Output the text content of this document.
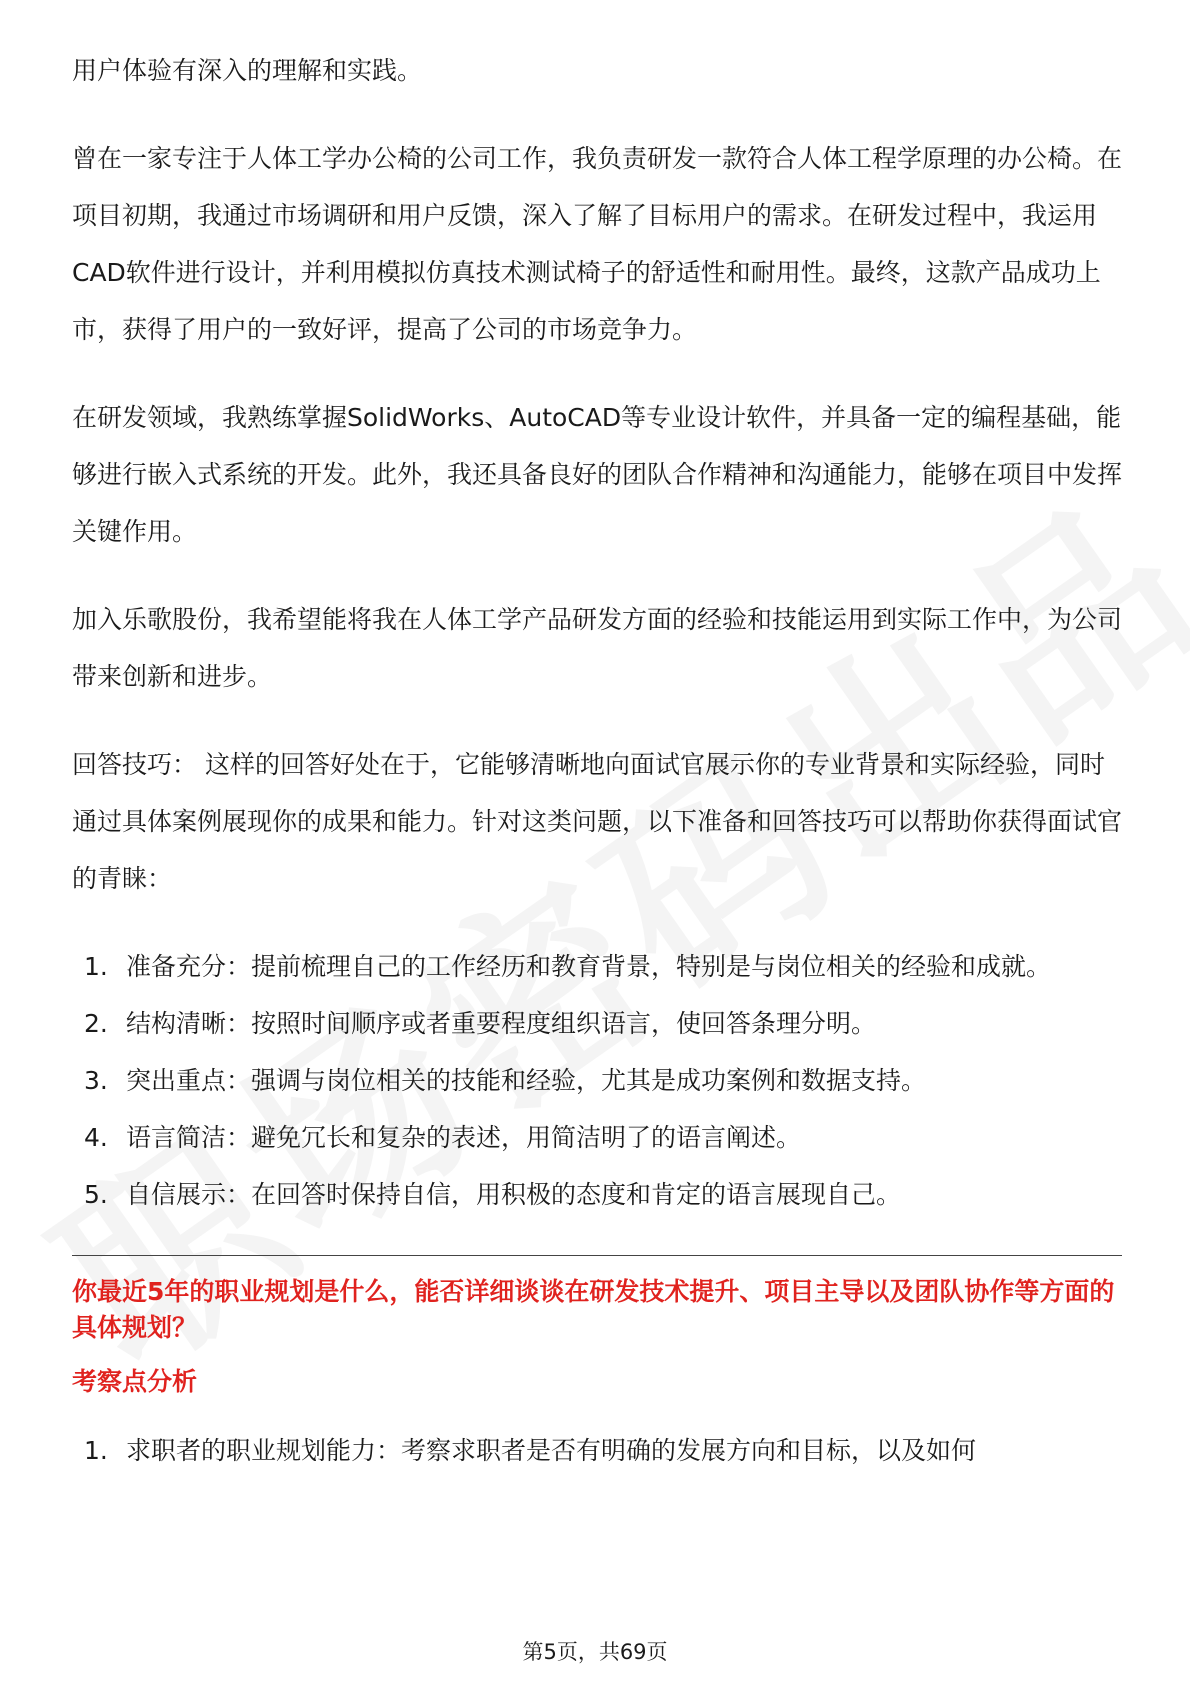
用户体验有深入的理解和实践。

曾在一家专注于人体工学办公椅的公司工作，我负责研发一款符合人体工程学原理的办公椅。在项目初期，我通过市场调研和用户反馈，深入了解了目标用户的需求。在研发过程中，我运用CAD软件进行设计，并利用模拟仿真技术测试椅子的舒适性和耐用性。最终，这款产品成功上市，获得了用户的一致好评，提高了公司的市场竞争力。

在研发领域，我熟练掌握SolidWorks、AutoCAD等专业设计软件，并具备一定的编程基础，能够进行嵌入式系统的开发。此外，我还具备良好的团队合作精神和沟通能力，能够在项目中发挥关键作用。

加入乐歌股份，我希望能将我在人体工学产品研发方面的经验和技能运用到实际工作中，为公司带来创新和进步。

回答技巧： 这样的回答好处在于，它能够清晰地向面试官展示你的专业背景和实际经验，同时通过具体案例展现你的成果和能力。针对这类问题，以下准备和回答技巧可以帮助你获得面试官的青睐：

1. 准备充分：提前梳理自己的工作经历和教育背景，特别是与岗位相关的经验和成就。
2. 结构清晰：按照时间顺序或者重要程度组织语言，使回答条理分明。
3. 突出重点：强调与岗位相关的技能和经验，尤其是成功案例和数据支持。
4. 语言简洁：避免冗长和复杂的表述，用简洁明了的语言阐述。
5. 自信展示：在回答时保持自信，用积极的态度和肯定的语言展现自己。

你最近5年的职业规划是什么，能否详细谈谈在研发技术提升、项目主导以及团队协作等方面的具体规划？

考察点分析

1. 求职者的职业规划能力：考察求职者是否有明确的发展方向和目标，以及如何
第5页，共69页
